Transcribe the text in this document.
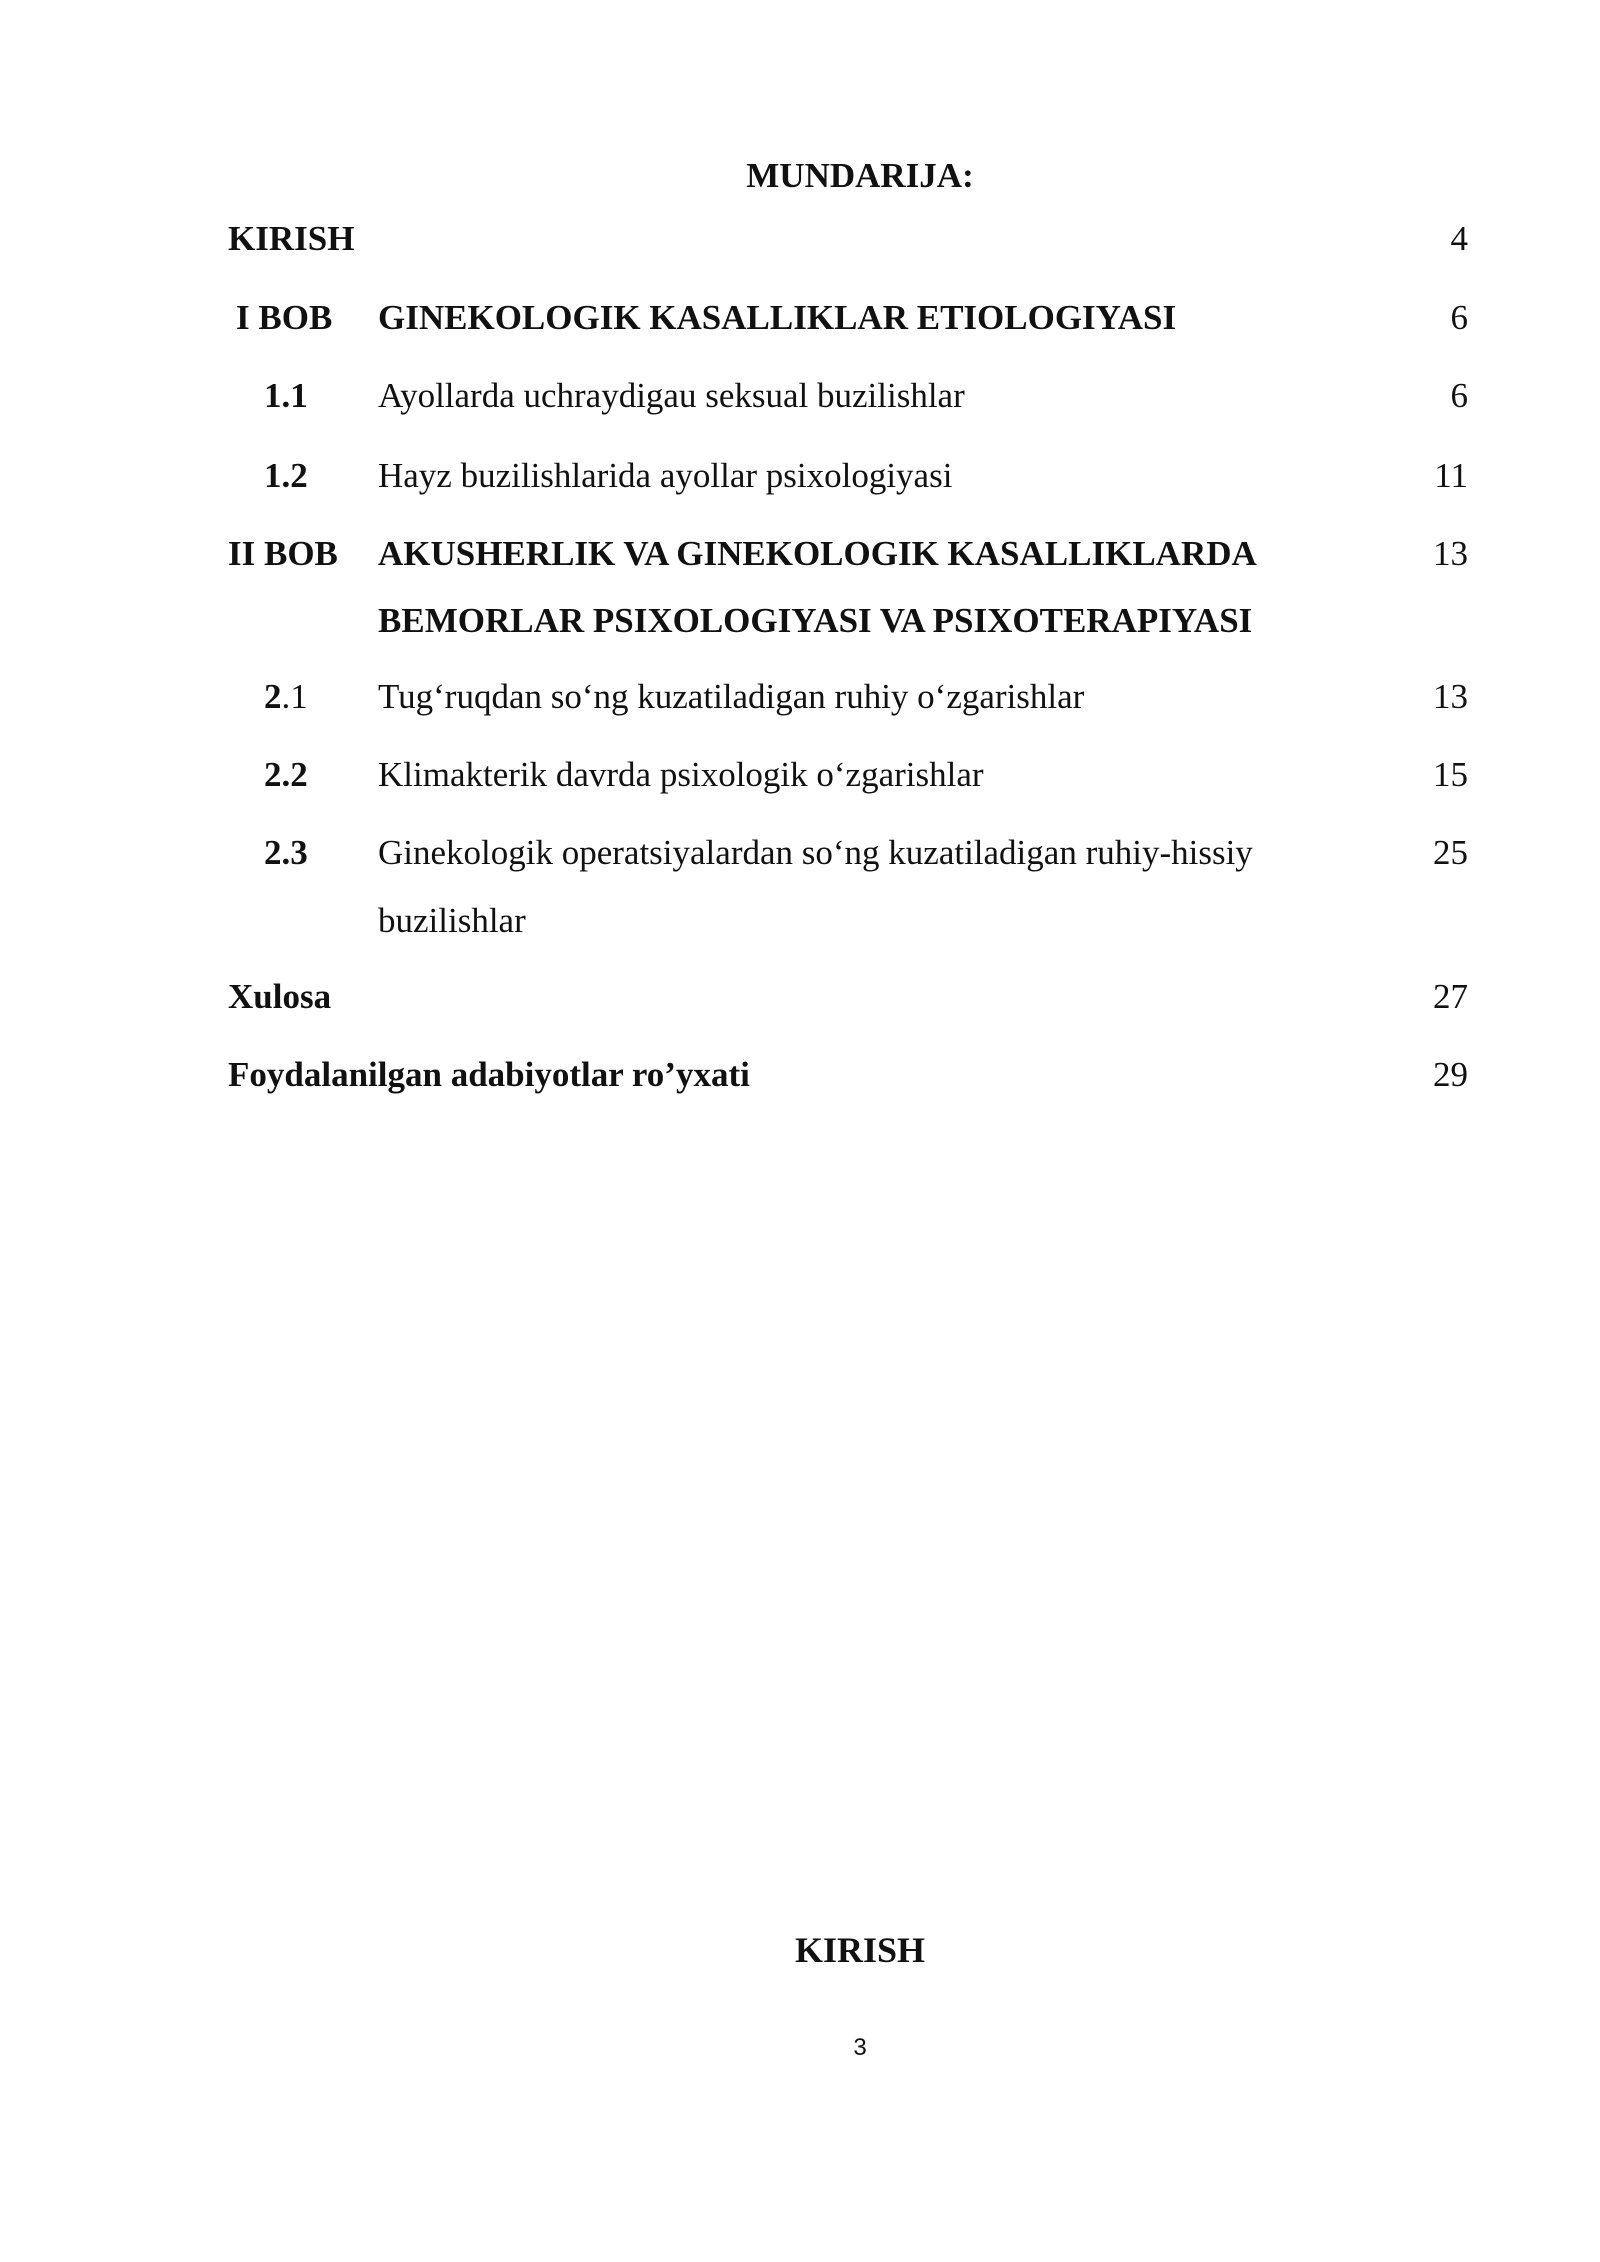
MUNDARIJA:
KIRISH	4
I BOB GINEKOLOGIK KASALLIKLAR ETIOLOGIYASI	6
1.1 Ayollarda uchraydigau seksual buzilishlar	6
1.2 Hayz buzilishlarida ayollar psixologiyasi	11
II BOB AKUSHERLIK VA GINEKOLOGIK KASALLIKLARDA	13
BEMORLAR PSIXOLOGIYASI VA PSIXOTERAPIYASI
2.1 Tug‘ruqdan so‘ng kuzatiladigan ruhiy o‘zgarishlar	13
2.2 Klimakterik davrda psixologik o‘zgarishlar	15
2.3 Ginekologik operatsiyalardan so‘ng kuzatiladigan ruhiy-hissiy	25
buzilishlar
Xulosa	27
Foydalanilgan adabiyotlar ro’yxati	29
KIRISH
3
